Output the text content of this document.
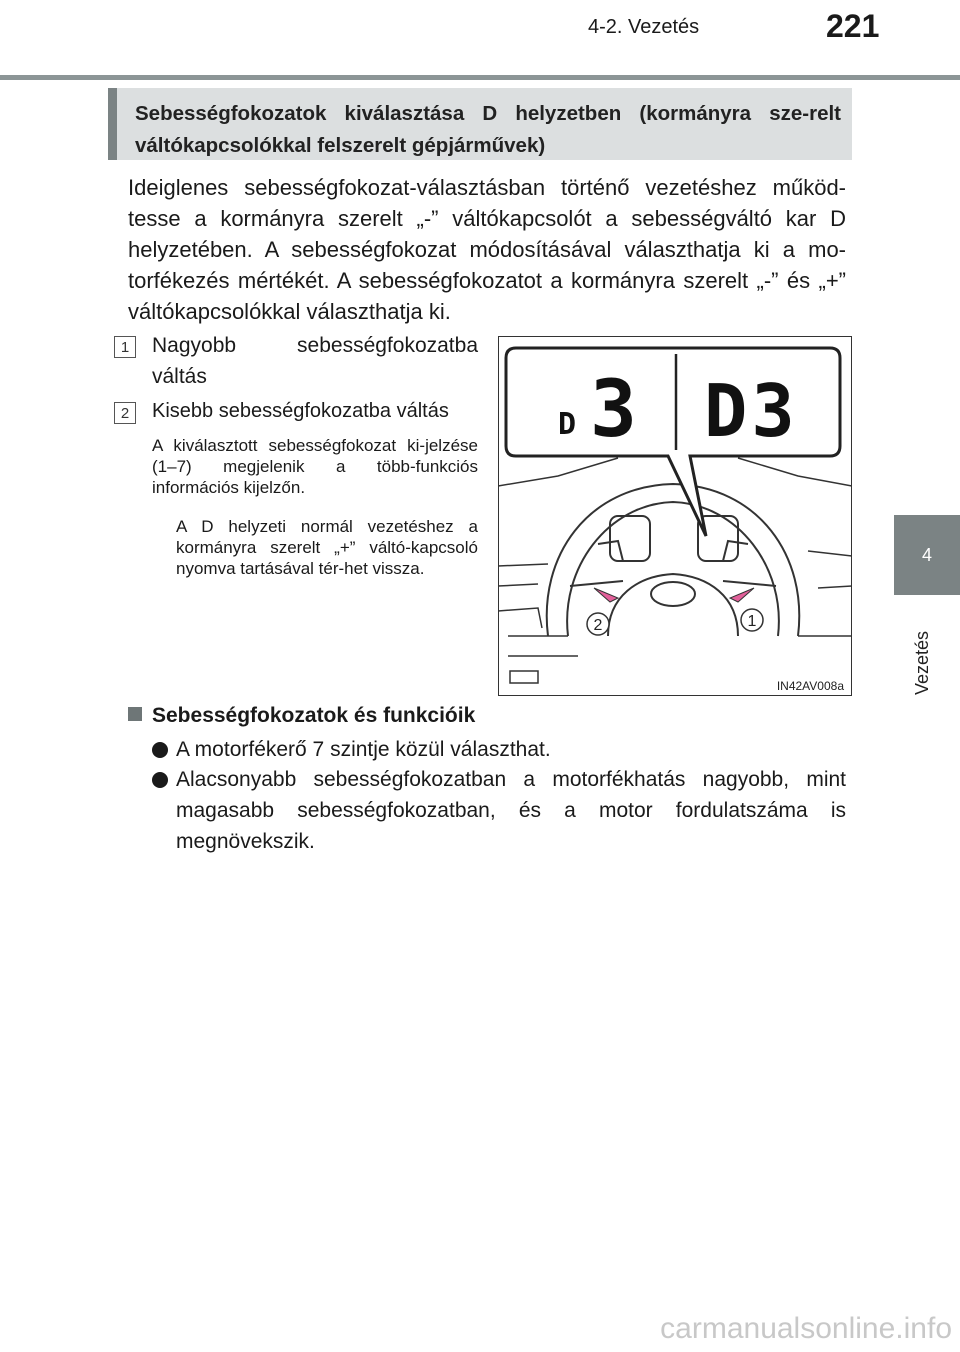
4-2. Vezetés	221
4
Vezetés
Sebességfokozatok kiválasztása D helyzetben (kormányra sze-relt váltókapcsolókkal felszerelt gépjárművek)

Ideiglenes sebességfokozat-választásban történő vezetéshez működ-tesse a kormányra szerelt „-” váltókapcsolót a sebességváltó kar D helyzetében. A sebességfokozat módosításával választhatja ki a mo-torfékezés mértékét. A sebességfokozatot a kormányra szerelt „-” és „+” váltókapcsolókkal választhatja ki.

1	Nagyobb sebességfokozatba váltás
2	Kisebb sebességfokozatba váltás
A kiválasztott sebességfokozat ki-jelzése (1–7) megjelenik a több-funkciós információs kijelzőn.
A D helyzeti normál vezetéshez a kormányra szerelt „+” váltó-kapcsoló nyomva tartásával tér-het vissza.
2	1
D 3 D3
IN42AV008a
Sebességfokozatok és funkcióik
A motorfékerő 7 szintje közül választhat.
Alacsonyabb sebességfokozatban a motorfékhatás nagyobb, mint magasabb sebességfokozatban, és a motor fordulatszáma is megnövekszik.
carmanualsonline.info
